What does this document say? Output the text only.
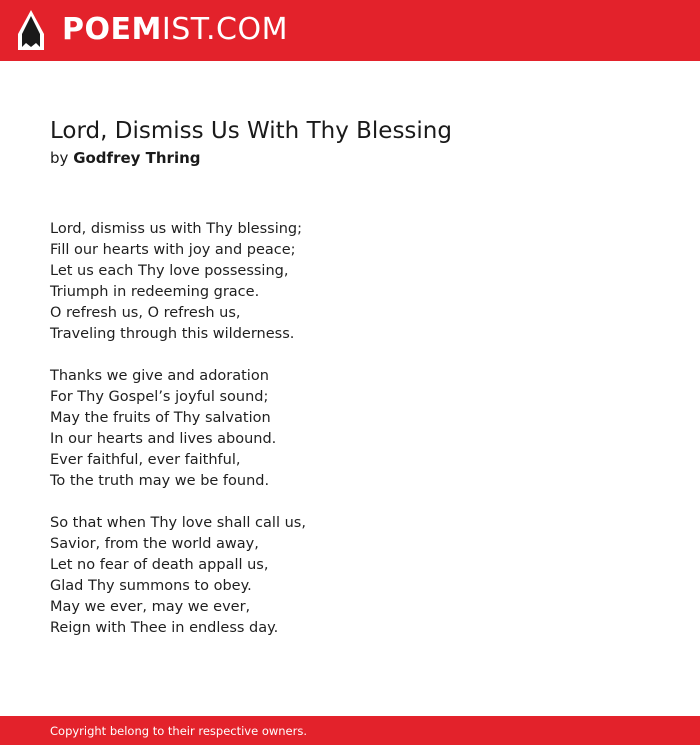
POEMIST.COM
Lord, Dismiss Us With Thy Blessing
by Godfrey Thring
Lord, dismiss us with Thy blessing;
Fill our hearts with joy and peace;
Let us each Thy love possessing,
Triumph in redeeming grace.
O refresh us, O refresh us,
Traveling through this wilderness.
Thanks we give and adoration
For Thy Gospel’s joyful sound;
May the fruits of Thy salvation
In our hearts and lives abound.
Ever faithful, ever faithful,
To the truth may we be found.
So that when Thy love shall call us,
Savior, from the world away,
Let no fear of death appall us,
Glad Thy summons to obey.
May we ever, may we ever,
Reign with Thee in endless day.
Copyright belong to their respective owners.
